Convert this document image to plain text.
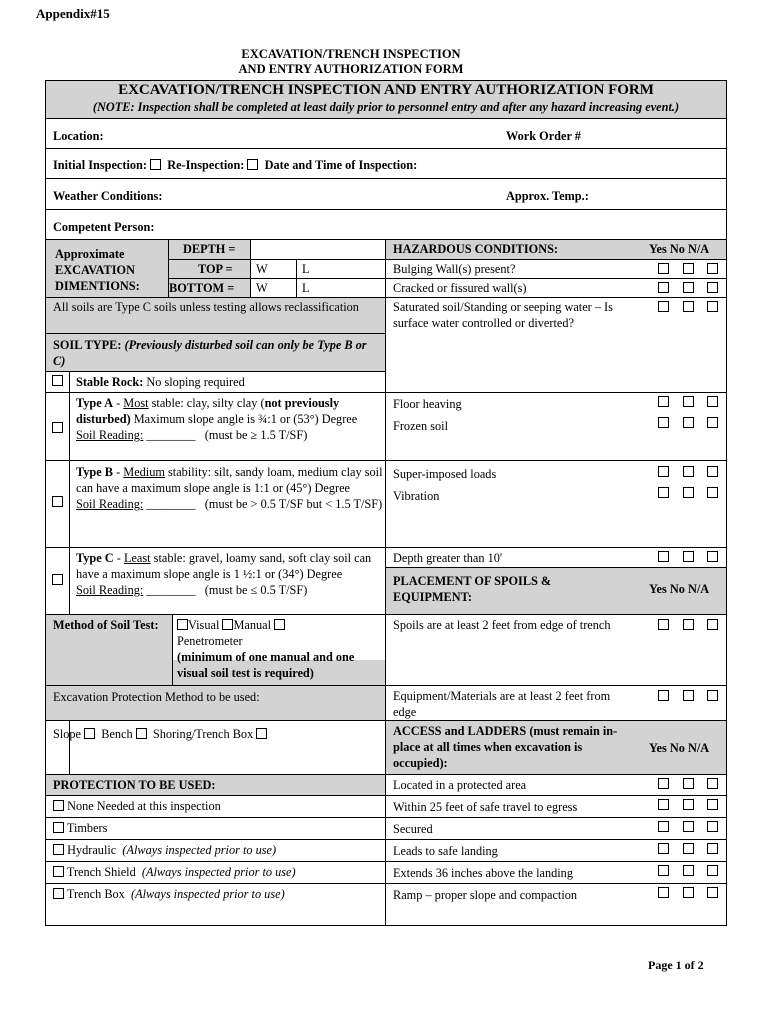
Appendix#15
EXCAVATION/TRENCH INSPECTION
AND ENTRY AUTHORIZATION FORM
EXCAVATION/TRENCH INSPECTION AND ENTRY AUTHORIZATION FORM
(NOTE: Inspection shall be completed at least daily prior to personnel entry and after any hazard increasing event.)
Location:	Work Order #
Initial Inspection: Re-Inspection: Date and Time of Inspection:
Weather Conditions:	Approx. Temp.:
Competent Person:
Approximate EXCAVATION DIMENTIONS:
DEPTH =
TOP = W	L
BOTTOM = W	L
All soils are Type C soils unless testing allows reclassification
SOIL TYPE: (Previously disturbed soil can only be Type B or C)
Stable Rock: No sloping required
Type A - Most stable: clay, silty clay (not previously disturbed) Maximum slope angle is ¾:1 or (53°) Degree
Soil Reading: ________   (must be ≥ 1.5 T/SF)
Type B - Medium stability: silt, sandy loam, medium clay soil can have a maximum slope angle is 1:1 or (45°) Degree
Soil Reading: ________   (must be > 0.5 T/SF but < 1.5 T/SF)
Type C - Least stable: gravel, loamy sand, soft clay soil can have a maximum slope angle is 1 ½:1 or (34°) Degree
Soil Reading: ________   (must be ≤ 0.5 T/SF)
Method of Soil Test:	Visual Manual
Penetrometer
(minimum of one manual and one visual soil test is required)
Excavation Protection Method to be used:
Slope Bench Shoring/Trench Box
PROTECTION TO BE USED:
None Needed at this inspection
Timbers
Hydraulic (Always inspected prior to use)
Trench Shield (Always inspected prior to use)
Trench Box (Always inspected prior to use)
HAZARDOUS CONDITIONS:	Yes No N/A
Bulging Wall(s) present?
Cracked or fissured wall(s)
Saturated soil/Standing or seeping water – Is surface water controlled or diverted?
Floor heaving
Frozen soil
Super-imposed loads
Vibration
Depth greater than 10'
PLACEMENT OF SPOILS & EQUIPMENT:
Yes No N/A
Spoils are at least 2 feet from edge of trench
Equipment/Materials are at least 2 feet from edge
ACCESS and LADDERS (must remain in-place at all times when excavation is occupied):
Yes No N/A
Located in a protected area
Within 25 feet of safe travel to egress
Secured
Leads to safe landing
Extends 36 inches above the landing
Ramp – proper slope and compaction
Page 1 of 2
